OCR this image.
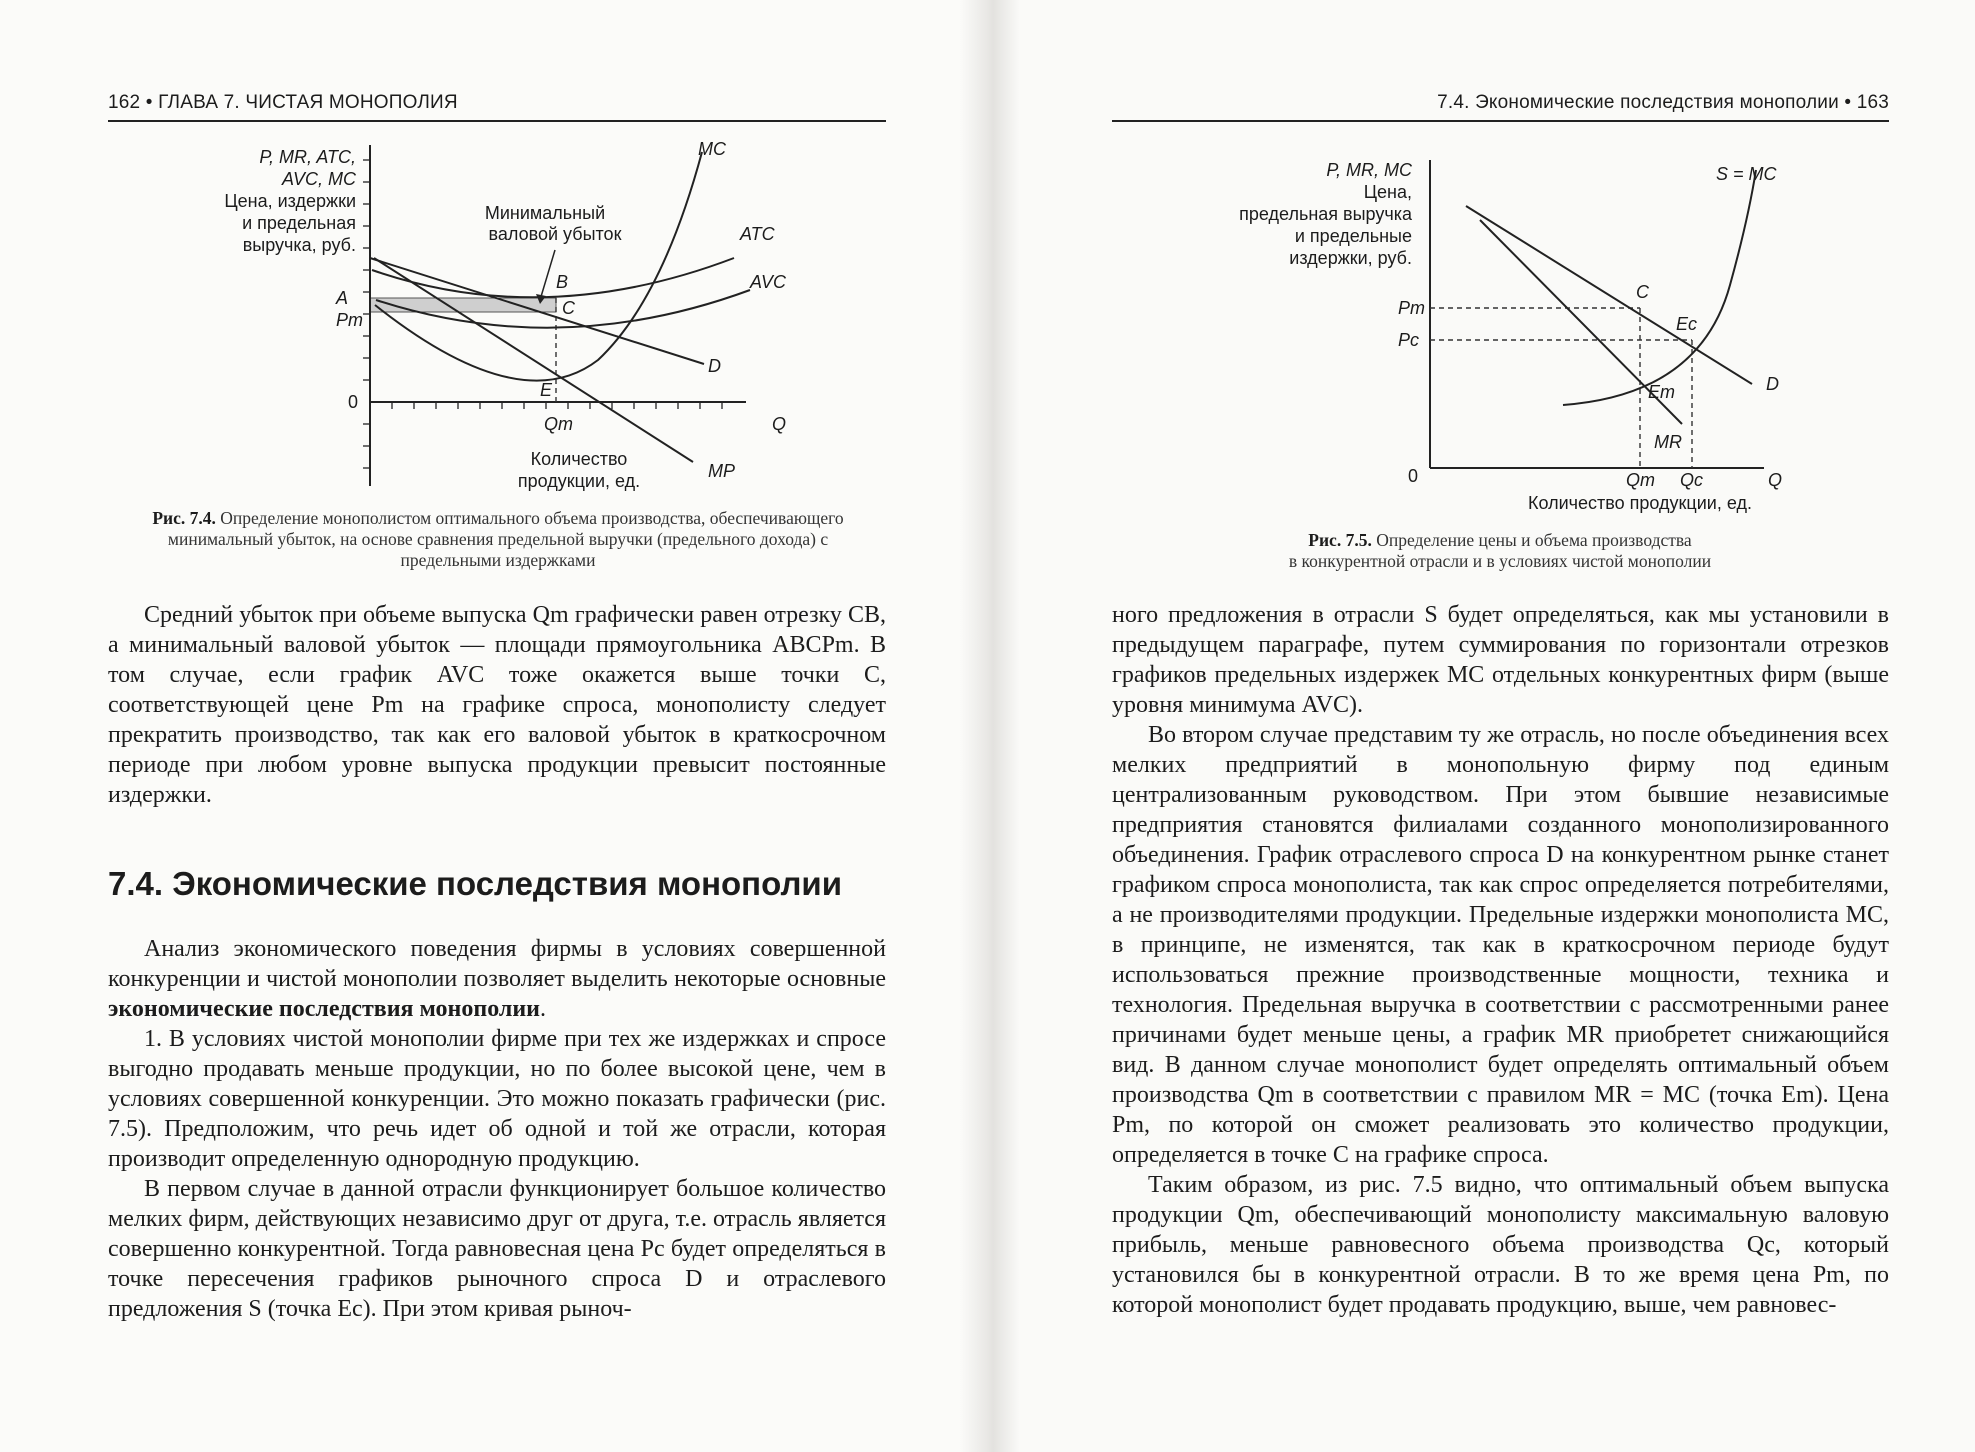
162 • ГЛАВА 7. ЧИСТАЯ МОНОПОЛИЯ
P, MR, ATC,
AVC, MC
Цена, издержки
и предельная
выручка, руб.
Минимальный
валовой убыток
MC
ATC
AVC
D
MP
B
C
E
A
Pm
0
Qm	Q
Количество
продукции, ед.
Рис. 7.4. Определение монополистом оптимального объема производства, обеспечивающего минимальный убыток, на основе сравнения предельной выручки (предельного дохода) с предельными издержками

Средний убыток при объеме выпуска Qm графически равен отрезку CB, а минимальный валовой убыток — площади прямоугольника ABCPm. В том случае, если график AVC тоже окажется выше точки C, соответствующей цене Pm на графике спроса, монополисту следует прекратить производство, так как его валовой убыток в краткосрочном периоде при любом уровне выпуска продукции превысит постоянные издержки.

7.4. Экономические последствия монополии

Анализ экономического поведения фирмы в условиях совершенной конкуренции и чистой монополии позволяет выделить некоторые основные экономические последствия монополии.

1. В условиях чистой монополии фирме при тех же издержках и спросе выгодно продавать меньше продукции, но по более высокой цене, чем в условиях совершенной конкуренции. Это можно показать графически (рис. 7.5). Предположим, что речь идет об одной и той же отрасли, которая производит определенную однородную продукцию.

В первом случае в данной отрасли функционирует большое количество мелких фирм, действующих независимо друг от друга, т.е. отрасль является совершенно конкурентной. Тогда равновесная цена Pc будет определяться в точке пересечения графиков рыночного спроса D и отраслевого предложения S (точка Ec). При этом кривая рыноч-

7.4. Экономические последствия монополии • 163
P, MR, MC
Цена,
предельная выручка
и предельные
издержки, руб.
S = MC
D
MR
C
Ec
Em
Pm
Pc
0	Qm Qc	Q
Количество продукции, ед.
Рис. 7.5. Определение цены и объема производства
в конкурентной отрасли и в условиях чистой монополии

ного предложения в отрасли S будет определяться, как мы установили в предыдущем параграфе, путем суммирования по горизонтали отрезков графиков предельных издержек MC отдельных конкурентных фирм (выше уровня минимума AVC).

Во втором случае представим ту же отрасль, но после объединения всех мелких предприятий в монопольную фирму под единым централизованным руководством. При этом бывшие независимые предприятия становятся филиалами созданного монополизированного объединения. График отраслевого спроса D на конкурентном рынке станет графиком спроса монополиста, так как спрос определяется потребителями, а не производителями продукции. Предельные издержки монополиста MC, в принципе, не изменятся, так как в краткосрочном периоде будут использоваться прежние производственные мощности, техника и технология. Предельная выручка в соответствии с рассмотренными ранее причинами будет меньше цены, а график MR приобретет снижающийся вид. В данном случае монополист будет определять оптимальный объем производства Qm в соответствии с правилом MR = MC (точка Em). Цена Pm, по которой он сможет реализовать это количество продукции, определяется в точке C на графике спроса.

Таким образом, из рис. 7.5 видно, что оптимальный объем выпуска продукции Qm, обеспечивающий монополисту максимальную валовую прибыль, меньше равновесного объема производства Qc, который установился бы в конкурентной отрасли. В то же время цена Pm, по которой монополист будет продавать продукцию, выше, чем равновес-
